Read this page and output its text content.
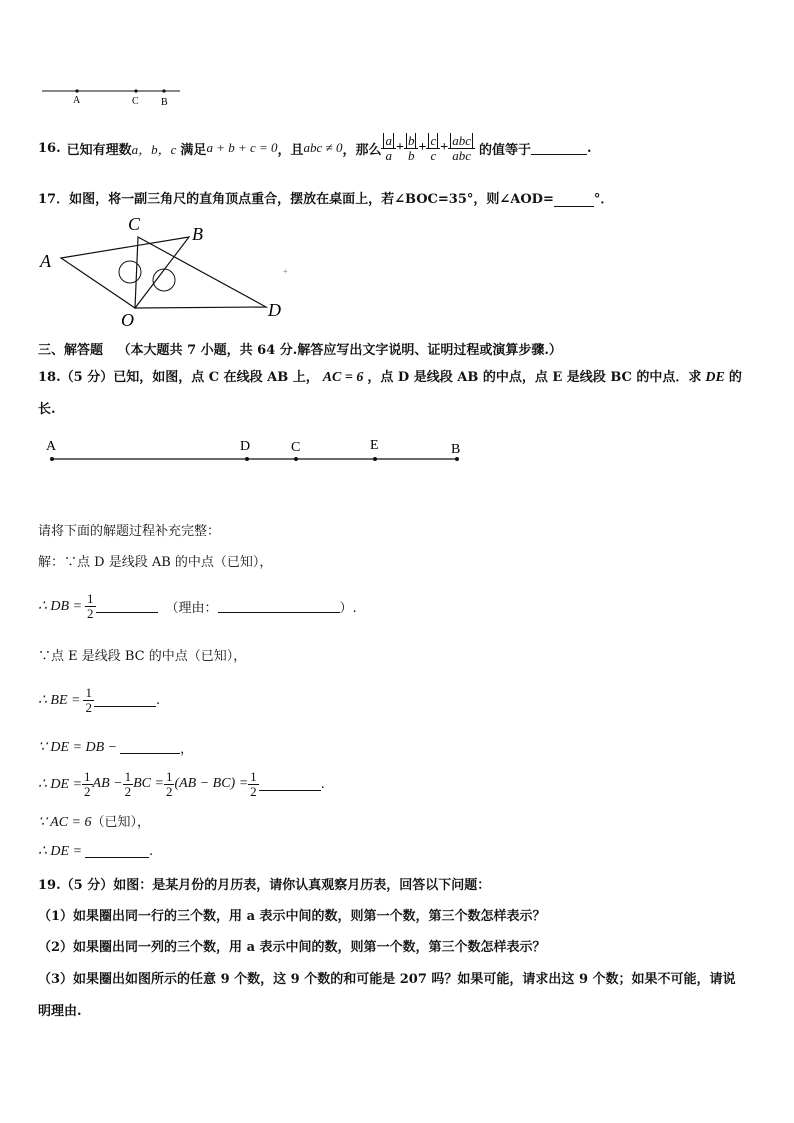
A	C B
16. 已知有理数 a，b，c 满足 a + b + c = 0 ，且 abc ≠ 0 ，那么 $\frac{a}{a} + \frac{b}{b} + \frac{c}{c} + \frac{\text{abc}}{\text{abc}}$ 的值等于	.
17．如图，将一副三角尺的直角顶点重合，摆放在桌面上，若∠BOC=35°，则∠AOD=	°．
C	B
A
O	D
+
三、解答题 （本大题共 7 小题，共 64 分.解答应写出文字说明、证明过程或演算步骤.）
18.（5 分）已知，如图，点 C 在线段 AB 上， AC = 6 ，点 D 是线段 AB 的中点，点 E 是线段 BC 的中点．求 DE 的
长.
A	D	C	E	B
请将下面的解题过程补充完整：
解：∵点 D 是线段 AB 的中点（已知），
∴ DB = $\frac{1}{2}$	（理由：	）.
∵点 E 是线段 BC 的中点（已知），
∴ BE = $\frac{1}{2}$	.
∵ DE = DB −	，
∴ DE = $\frac{1}{2}$ AB − $\frac{1}{2}$ BC = $\frac{1}{2} (AB - BC) = \frac{1}{2}$	.
∵ AC = 6（已知），
∴ DE =	.
19.（5 分）如图：是某月份的月历表，请你认真观察月历表，回答以下问题：
（1）如果圈出同一行的三个数，用 a 表示中间的数，则第一个数，第三个数怎样表示？
（2）如果圈出同一列的三个数，用 a 表示中间的数，则第一个数，第三个数怎样表示？
（3）如果圈出如图所示的任意 9 个数，这 9 个数的和可能是 207 吗？如果可能，请求出这 9 个数；如果不可能，请说
明理由.
